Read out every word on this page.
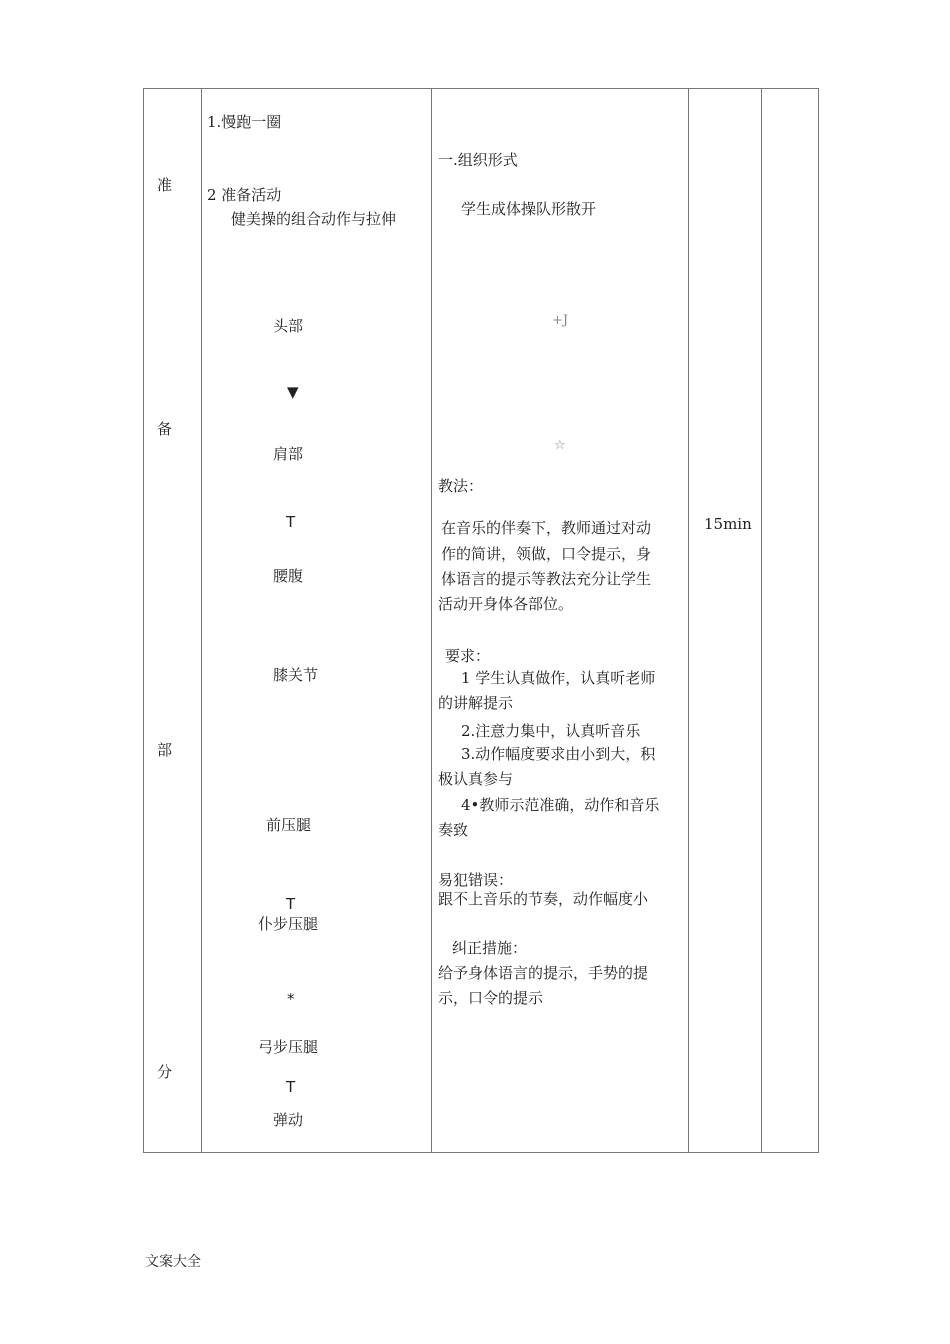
准
备
部
分
1.慢跑一圈
2 准备活动
健美操的组合动作与拉伸
头部
▼
肩部
T
腰腹
膝关节
前压腿
T
仆步压腿
*
弓步压腿
T
弹动
一.组织形式
学生成体操队形散开
+J
☆
教法：
在音乐的伴奏下，教师通过对动
作的简讲，领做，口令提示，身
体语言的提示等教法充分让学生
活动开身体各部位。
要求：
1 学生认真做作，认真听老师
的讲解提示
2.注意力集中，认真听音乐
3.动作幅度要求由小到大，积
极认真参与
4•教师示范准确，动作和音乐
奏致
易犯错误：
跟不上音乐的节奏，动作幅度小
纠正措施：
给予身体语言的提示，手势的提
示，口令的提示
15min
文案大全
